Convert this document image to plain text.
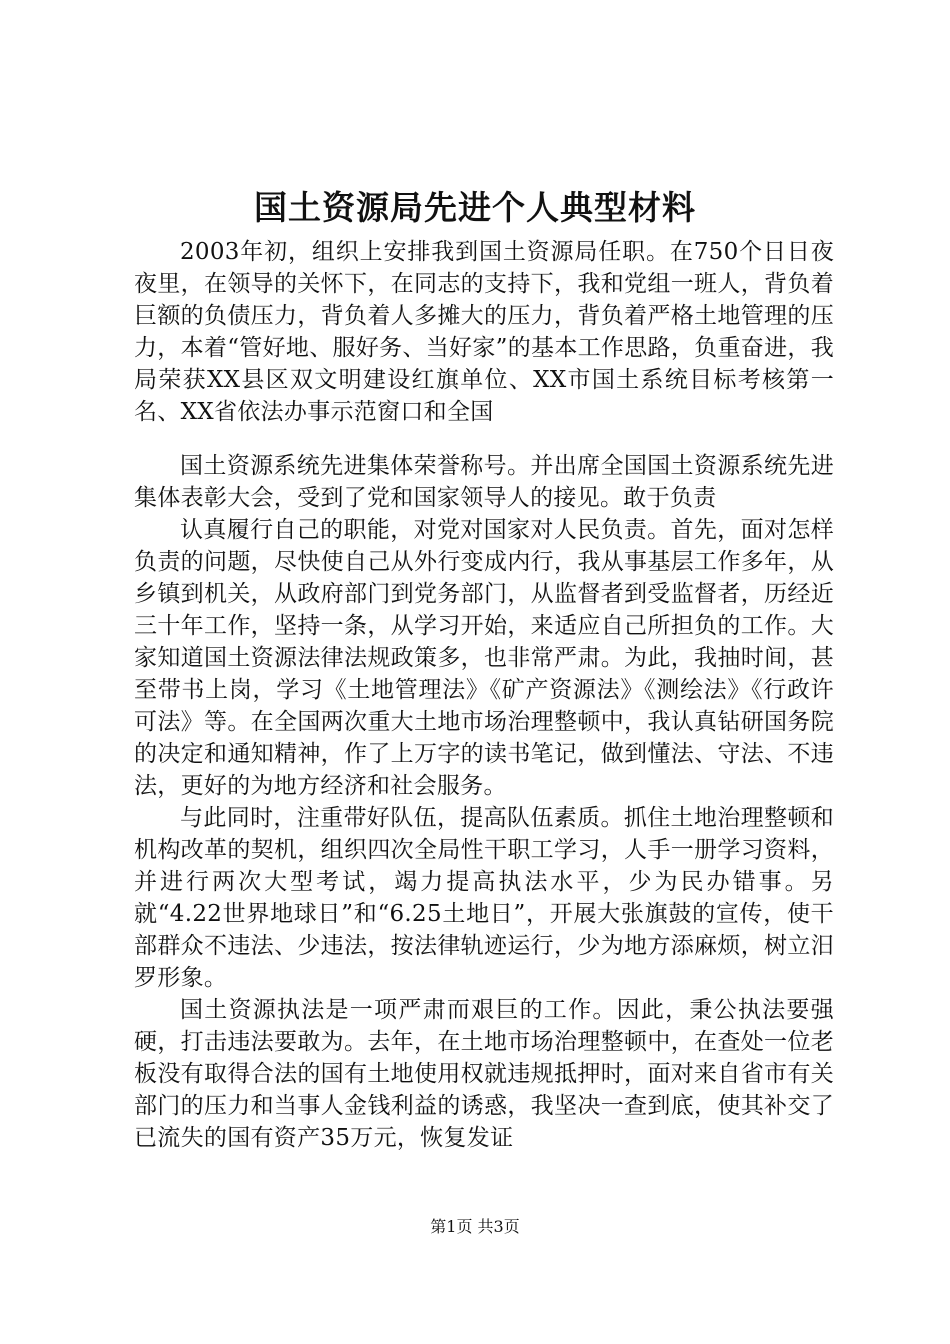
国土资源局先进个人典型材料

2003年初，组织上安排我到国土资源局任职。在750个日日夜夜里，在领导的关怀下，在同志的支持下，我和党组一班人，背负着巨额的负债压力，背负着人多摊大的压力，背负着严格土地管理的压力，本着“管好地、服好务、当好家”的基本工作思路，负重奋进，我局荣获XX县区双文明建设红旗单位、XX市国土系统目标考核第一名、XX省依法办事示范窗口和全国

国土资源系统先进集体荣誉称号。并出席全国国土资源系统先进集体表彰大会，受到了党和国家领导人的接见。敢于负责

认真履行自己的职能，对党对国家对人民负责。首先，面对怎样负责的问题，尽快使自己从外行变成内行，我从事基层工作多年，从乡镇到机关，从政府部门到党务部门，从监督者到受监督者，历经近三十年工作，坚持一条，从学习开始，来适应自己所担负的工作。大家知道国土资源法律法规政策多，也非常严肃。为此，我抽时间，甚至带书上岗，学习《土地管理法》《矿产资源法》《测绘法》《行政许可法》等。在全国两次重大土地市场治理整顿中，我认真钻研国务院的决定和通知精神，作了上万字的读书笔记，做到懂法、守法、不违法，更好的为地方经济和社会服务。

与此同时，注重带好队伍，提高队伍素质。抓住土地治理整顿和机构改革的契机，组织四次全局性干职工学习，人手一册学习资料，并进行两次大型考试，竭力提高执法水平，少为民办错事。另就“4.22世界地球日”和“6.25土地日”，开展大张旗鼓的宣传，使干部群众不违法、少违法，按法律轨迹运行，少为地方添麻烦，树立汨罗形象。

国土资源执法是一项严肃而艰巨的工作。因此，秉公执法要强硬，打击违法要敢为。去年，在土地市场治理整顿中，在查处一位老板没有取得合法的国有土地使用权就违规抵押时，面对来自省市有关部门的压力和当事人金钱利益的诱惑，我坚决一查到底，使其补交了已流失的国有资产35万元，恢复发证

第1页 共3页
